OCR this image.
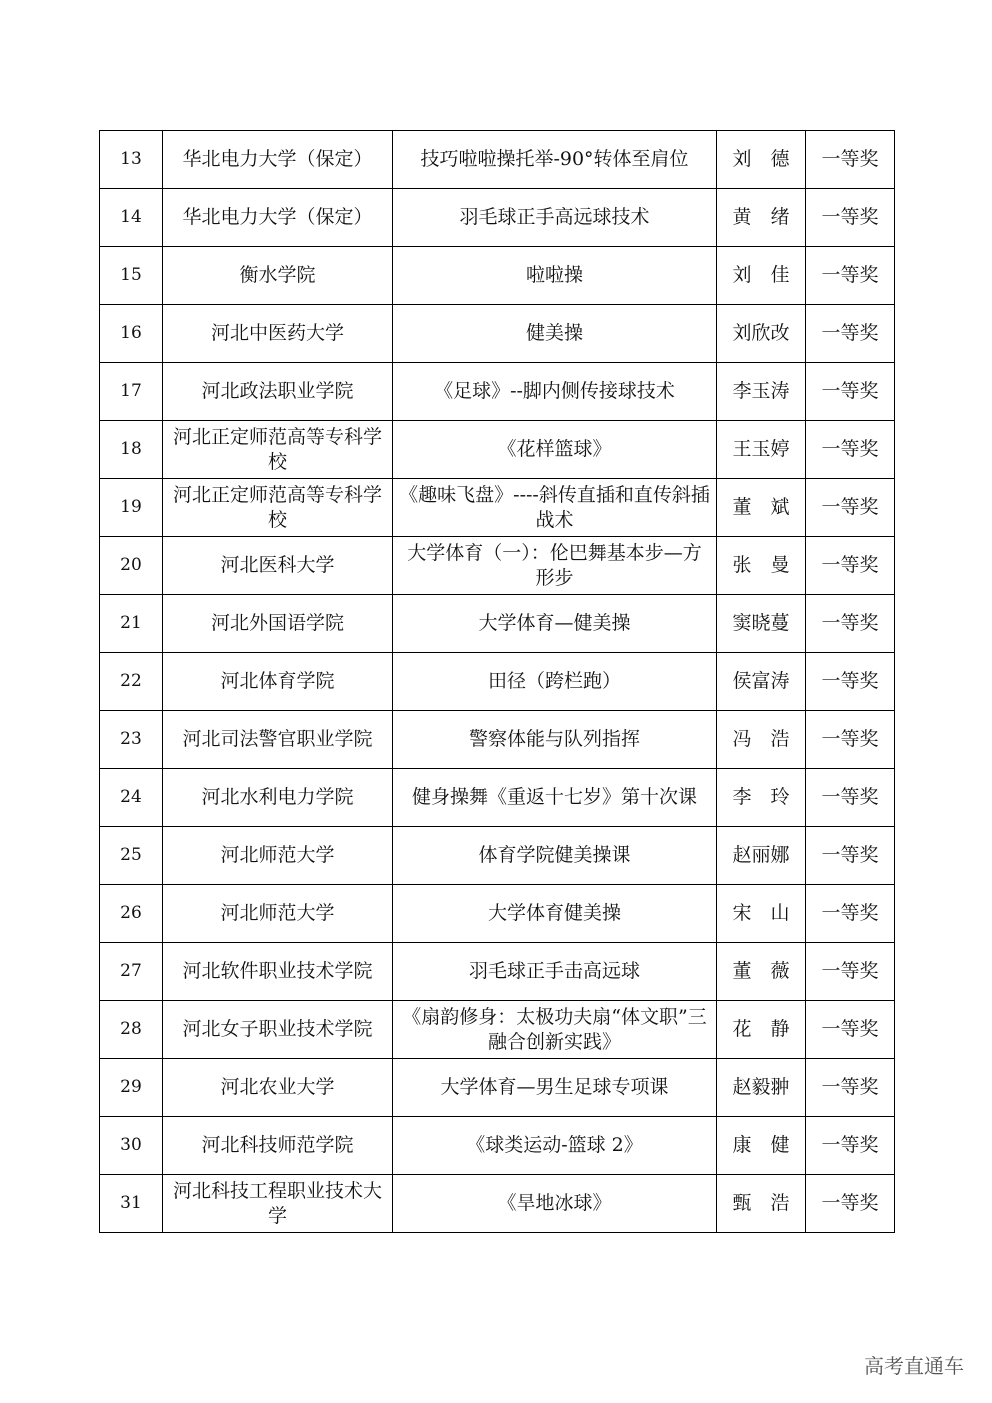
13	华北电力大学（保定）	技巧啦啦操托举-90°转体至肩位	刘　德	一等奖
14	华北电力大学（保定）	羽毛球正手高远球技术	黄　绪	一等奖
15	衡水学院	啦啦操	刘　佳	一等奖
16	河北中医药大学	健美操	刘欣改	一等奖
17	河北政法职业学院	《足球》--脚内侧传接球技术	李玉涛	一等奖
18	河北正定师范高等专科学校	《花样篮球》	王玉婷	一等奖
19	河北正定师范高等专科学校	《趣味飞盘》----斜传直插和直传斜插战术	董　斌	一等奖
20	河北医科大学	大学体育（一）：伦巴舞基本步—方形步	张　曼	一等奖
21	河北外国语学院	大学体育—健美操	窦晓蔓	一等奖
22	河北体育学院	田径（跨栏跑）	侯富涛	一等奖
23	河北司法警官职业学院	警察体能与队列指挥	冯　浩	一等奖
24	河北水利电力学院	健身操舞《重返十七岁》第十次课	李　玲	一等奖
25	河北师范大学	体育学院健美操课	赵丽娜	一等奖
26	河北师范大学	大学体育健美操	宋　山	一等奖
27	河北软件职业技术学院	羽毛球正手击高远球	董　薇	一等奖
28	河北女子职业技术学院	《扇韵修身：太极功夫扇“体文职”三融合创新实践》	花　静	一等奖
29	河北农业大学	大学体育—男生足球专项课	赵毅翀	一等奖
30	河北科技师范学院	《球类运动-篮球 2》	康　健	一等奖
31	河北科技工程职业技术大学	《旱地冰球》	甄　浩	一等奖
高考直通车
